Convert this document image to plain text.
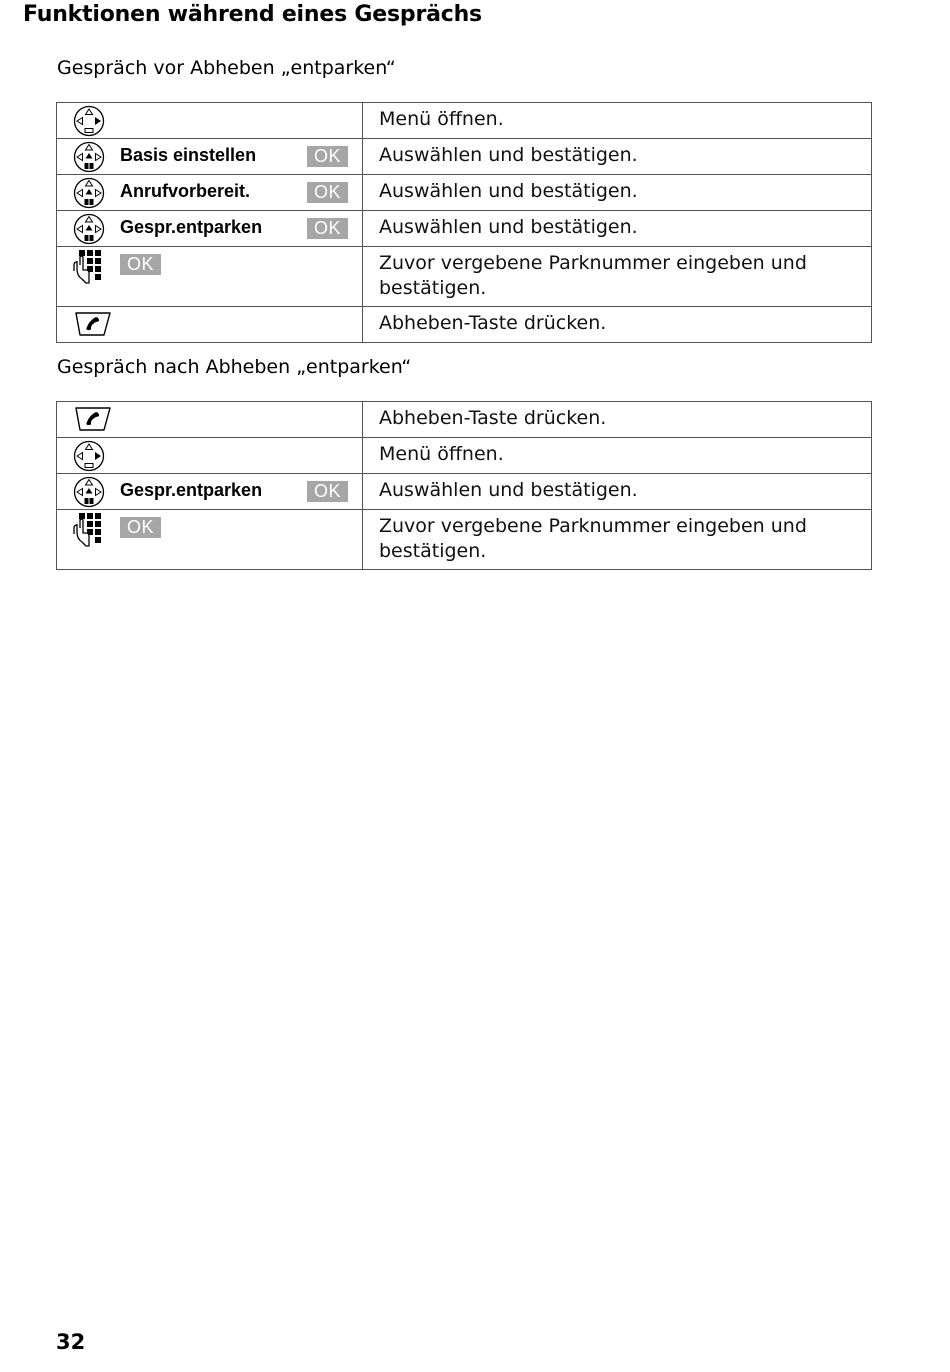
Funktionen während eines Gesprächs
Gespräch vor Abheben „entparken“
	Menü öffnen.

Basis einstellen OK	Auswählen und bestätigen.

Anrufvorbereit. OK	Auswählen und bestätigen.

Gespr.entparken OK	Auswählen und bestätigen.

OK	Zuvor vergebene Parknummer eingeben und bestätigen.

	Abheben-Taste drücken.
Gespräch nach Abheben „entparken“
	Abheben-Taste drücken.

	Menü öffnen.

Gespr.entparken OK	Auswählen und bestätigen.

OK	Zuvor vergebene Parknummer eingeben und bestätigen.
32
